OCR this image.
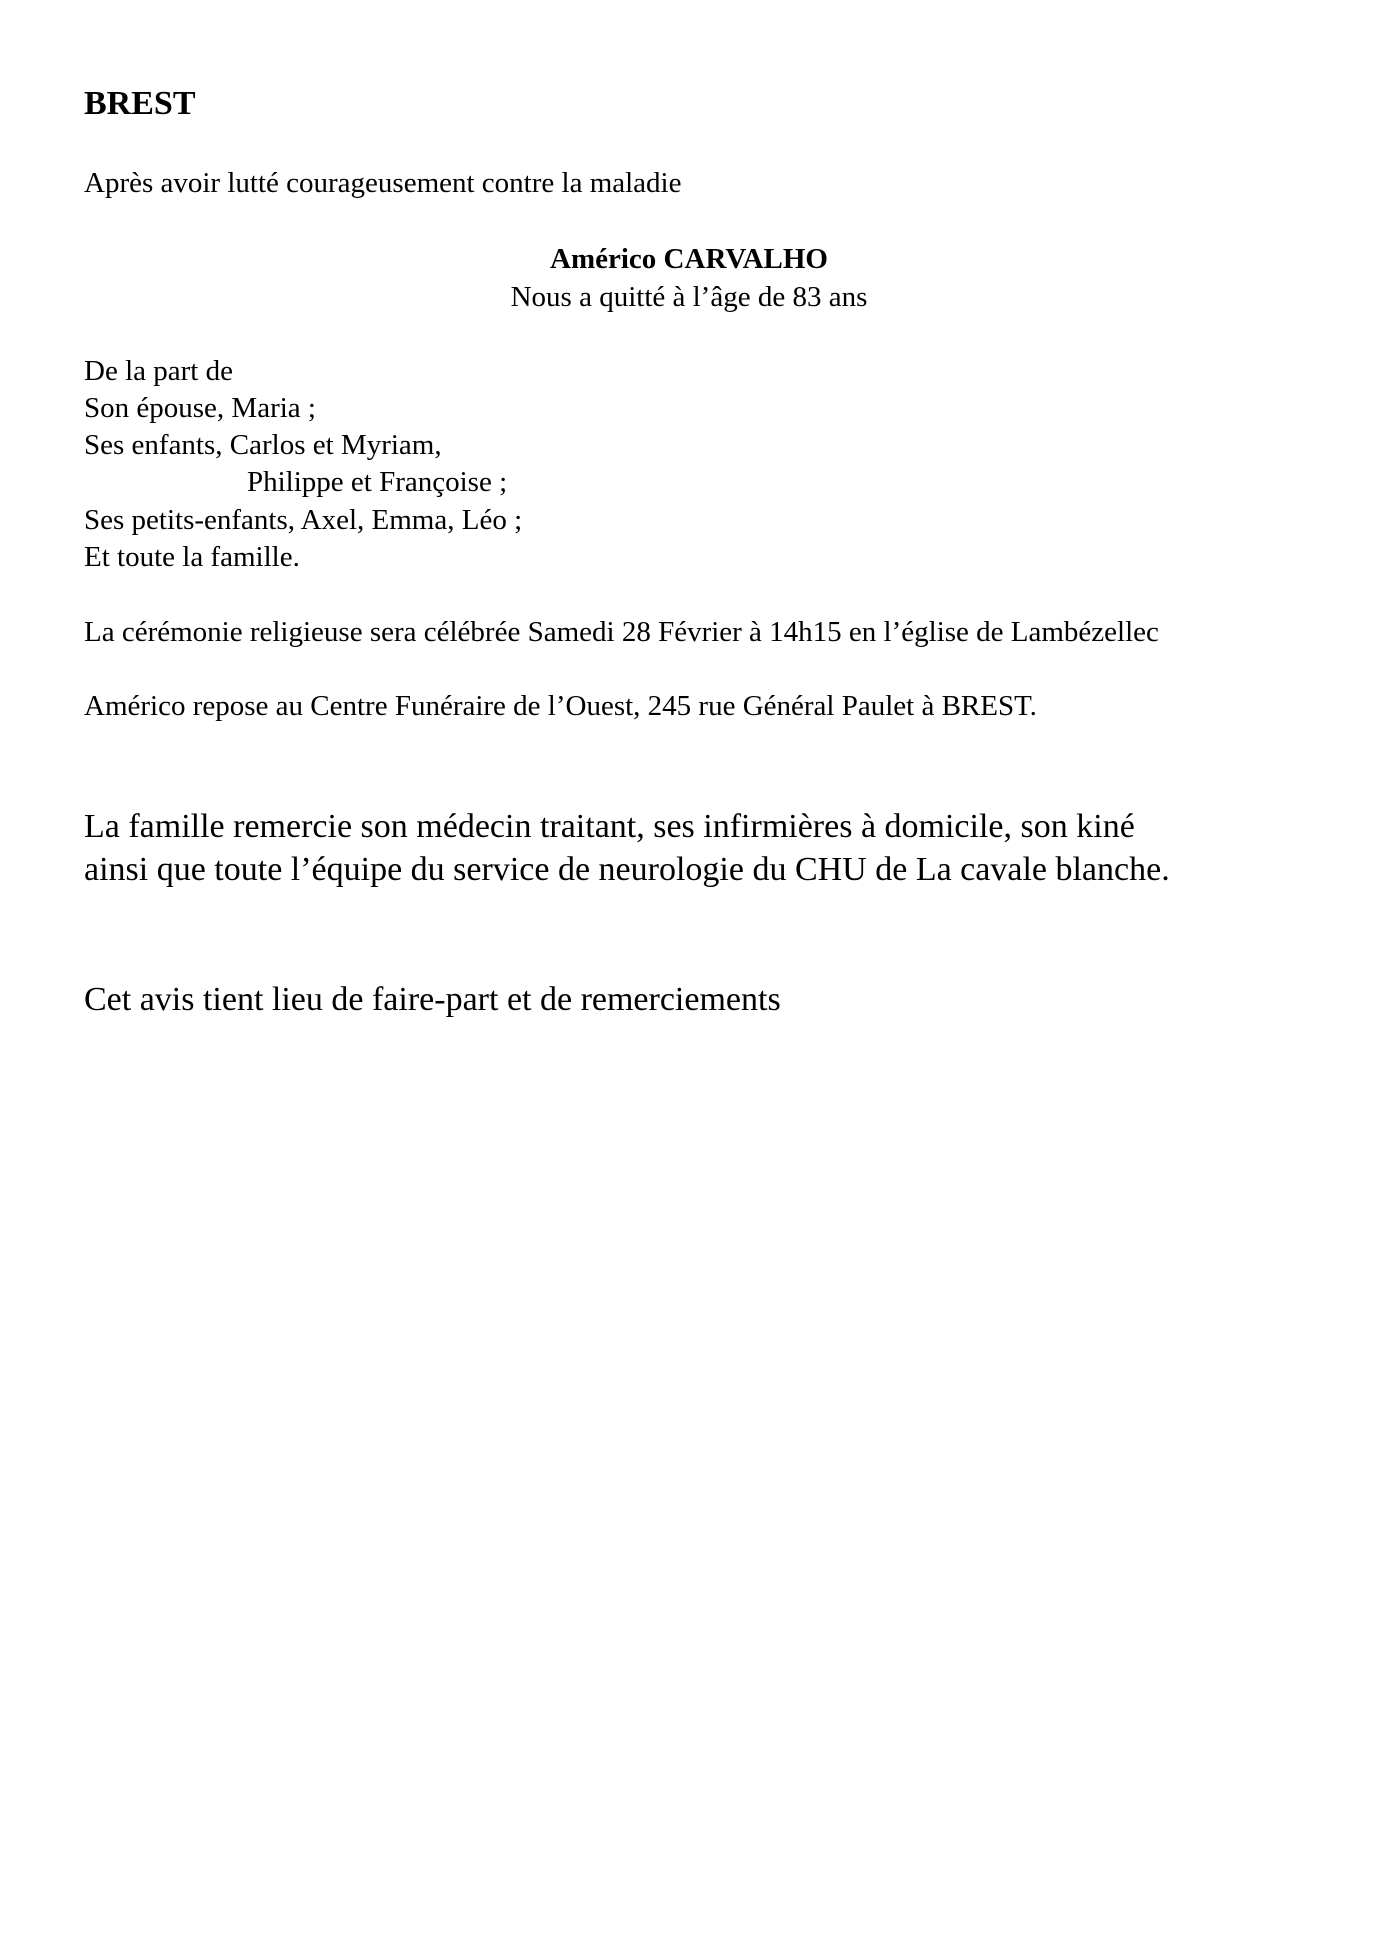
BREST
Après avoir lutté courageusement contre la maladie
Américo CARVALHO
Nous a quitté à l’âge de 83 ans
De la part de
Son épouse, Maria ;
Ses enfants, Carlos et Myriam,
Philippe et Françoise ;
Ses petits-enfants, Axel, Emma, Léo ;
Et toute la famille.
La cérémonie religieuse sera célébrée Samedi 28 Février à 14h15 en l’église de Lambézellec
Américo repose au Centre Funéraire de l’Ouest, 245 rue Général Paulet à BREST.
La famille remercie son médecin traitant, ses infirmières à domicile, son kiné
ainsi que toute l’équipe du service de neurologie du CHU de La cavale blanche.
Cet avis tient lieu de faire-part et de remerciements
